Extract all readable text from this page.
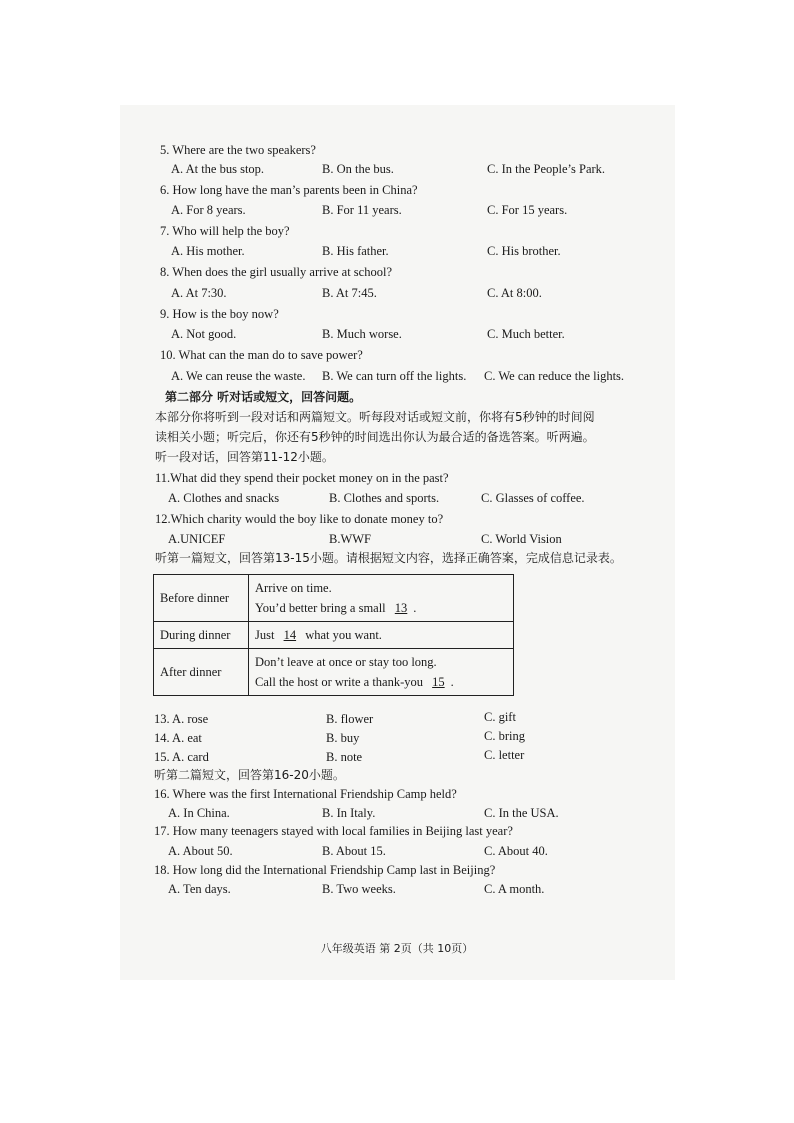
5. Where are the two speakers?
A. At the bus stop.	B. On the bus.	C. In the People’s Park.
6. How long have the man’s parents been in China?
A. For 8 years.	B. For 11 years.	C. For 15 years.
7. Who will help the boy?
A. His mother.	B. His father.	C. His brother.
8. When does the girl usually arrive at school?
A. At 7:30.	B. At 7:45.	C. At 8:00.
9. How is the boy now?
A. Not good.	B. Much worse.	C. Much better.
10. What can the man do to save power?
A. We can reuse the waste. B. We can turn off the lights. C. We can reduce the lights.
第二部分 听对话或短文，回答问题。
本部分你将听到一段对话和两篇短文。听每段对话或短文前，你将有5秒钟的时间阅
读相关小题；听完后，你还有5秒钟的时间选出你认为最合适的备选答案。听两遍。
听一段对话，回答第11-12小题。
11.What did they spend their pocket money on in the past?
A. Clothes and snacks	B. Clothes and sports.	C. Glasses of coffee.
12.Which charity would the boy like to donate money to?
A.UNICEF	B.WWF	C. World Vision
听第一篇短文，回答第13-15小题。请根据短文内容，选择正确答案，完成信息记录表。
Before dinner	Arrive on time.
You’d better bring a small 13 .

During dinner	Just 14 what you want.
After dinner	Don’t leave at once or stay too long.
Call the host or write a thank-you 15 .
13. A. rose	B. flower	C. gift
14. A. eat	B. buy	C. bring
15. A. card	B. note	C. letter
听第二篇短文，回答第16-20小题。
16. Where was the first International Friendship Camp held?
A. In China.	B. In Italy.	C. In the USA.
17. How many teenagers stayed with local families in Beijing last year?
A. About 50.	B. About 15.	C. About 40.
18. How long did the International Friendship Camp last in Beijing?
A. Ten days.	B. Two weeks.	C. A month.
八年级英语 第 2页（共 10页）
